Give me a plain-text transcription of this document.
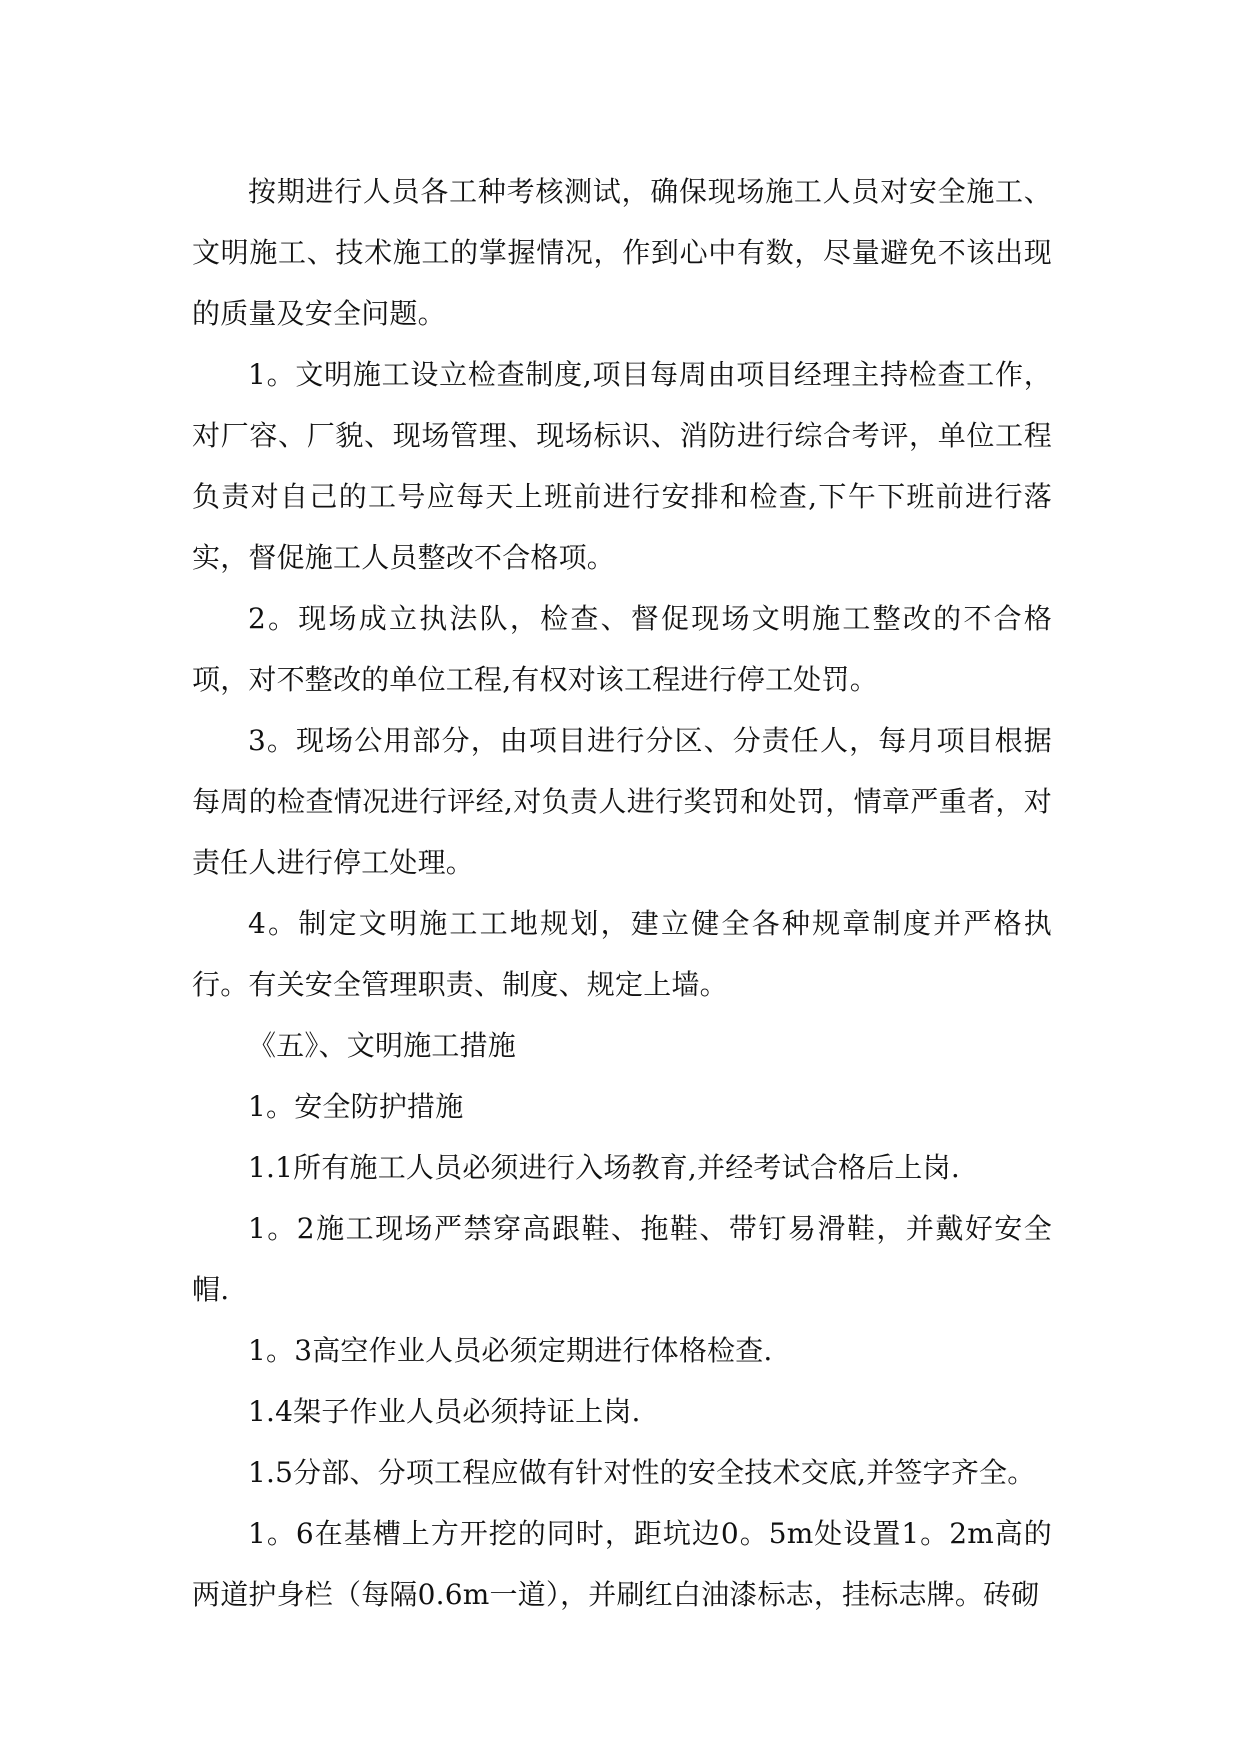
按期进行人员各工种考核测试，确保现场施工人员对安全施工、文明施工、技术施工的掌握情况，作到心中有数，尽量避免不该出现的质量及安全问题。

1。文明施工设立检查制度,项目每周由项目经理主持检查工作，对厂容、厂貌、现场管理、现场标识、消防进行综合考评，单位工程负责对自己的工号应每天上班前进行安排和检查,下午下班前进行落实，督促施工人员整改不合格项。

2。现场成立执法队，检查、督促现场文明施工整改的不合格项，对不整改的单位工程,有权对该工程进行停工处罚。

3。现场公用部分，由项目进行分区、分责任人，每月项目根据每周的检查情况进行评经,对负责人进行奖罚和处罚，情章严重者，对责任人进行停工处理。

4。制定文明施工工地规划，建立健全各种规章制度并严格执行。有关安全管理职责、制度、规定上墙。

《五》、文明施工措施

1。安全防护措施

1.1所有施工人员必须进行入场教育,并经考试合格后上岗.

1。2施工现场严禁穿高跟鞋、拖鞋、带钉易滑鞋，并戴好安全帽.

1。3高空作业人员必须定期进行体格检查.

1.4架子作业人员必须持证上岗.

1.5分部、分项工程应做有针对性的安全技术交底,并签字齐全。

1。6在基槽上方开挖的同时，距坑边0。5m处设置1。2m高的两道护身栏（每隔0.6m一道），并刷红白油漆标志，挂标志牌。砖砌
